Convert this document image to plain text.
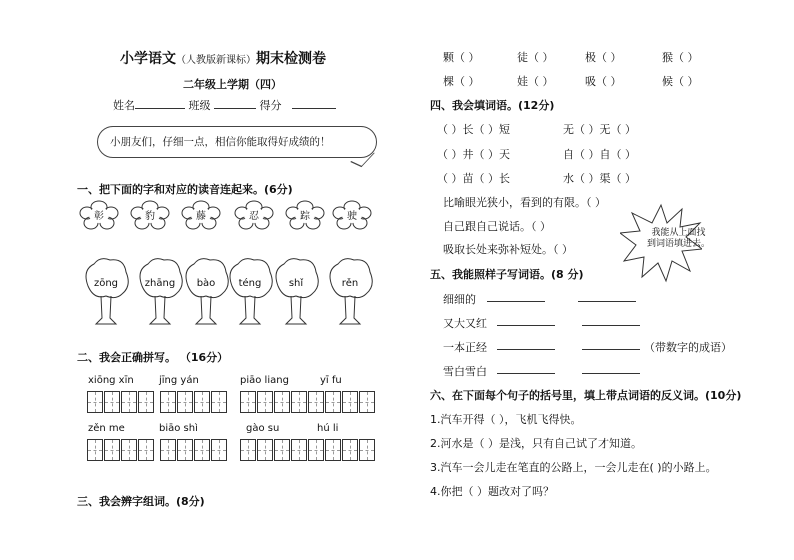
小学语文（人教版新课标）期末检测卷
二年级上学期（四）
姓名	班级	得分
小朋友们，仔细一点，相信你能取得好成绩的！
一、把下面的字和对应的读音连起来。(6分)
彰	豹	藤	忍	踪	驶
zōng	zhāng	bào	téng	shǐ	rěn
二、我会正确拼写。 （16分）
xiōng xīn	jīng yán	piāo liang	yī fu
zěn me	biāo shì	gào su	hú li
三、我会辨字组词。(8分)
颗（ ）	徒（ ）	极（ ）	猴（ ）
棵（ ）	娃（ ）	吸（ ）	候（ ）
四、我会填词语。(12分)
（ ）长（ ）短	无（ ）无（ ）
（ ）井（ ）天	自（ ）自（ ）
（ ）苗（ ）长	水（ ）渠（ ）
比喻眼光狭小，看到的有限。（ ）
自己跟自己说话。（ ）
吸取长处来弥补短处。（ ）
我能从上面找
到词语填进去。
五、我能照样子写词语。(8 分)
细细的
又大又红
一本正经	（带数字的成语）
雪白雪白
六、在下面每个句子的括号里，填上带点词语的反义词。(10分)
1.汽车开得（ ），飞机飞得快。
2.河水是（ ）是浅，只有自己试了才知道。
3.汽车一会儿走在笔直的公路上，一会儿走在( )的小路上。
4.你把（ ）题改对了吗？
